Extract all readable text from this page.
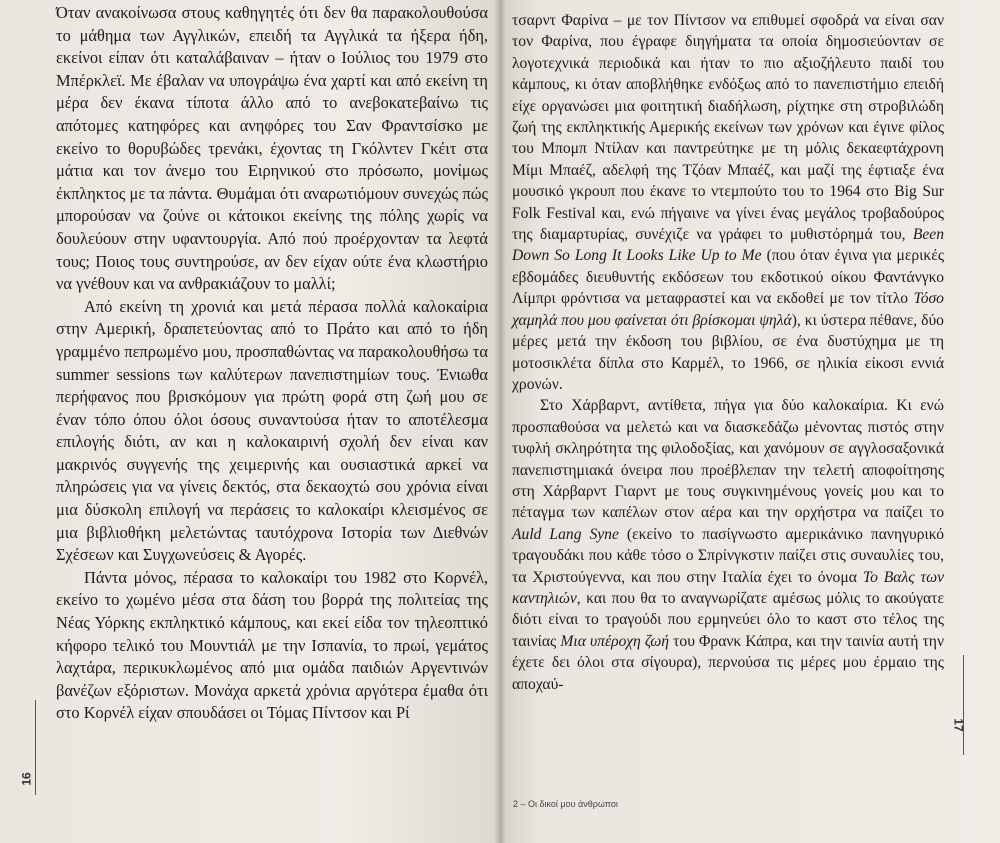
Όταν ανακοίνωσα στους καθηγητές ότι δεν θα παρακολουθούσα το μάθημα των Αγγλικών, επειδή τα Αγγλικά τα ήξερα ήδη, εκείνοι είπαν ότι καταλάβαιναν – ήταν ο Ιούλιος του 1979 στο Μπέρκλεϊ. Με έβαλαν να υπογράψω ένα χαρτί και από εκείνη τη μέρα δεν έκανα τίποτα άλλο από το ανεβοκατεβαίνω τις απότομες κατηφόρες και ανηφόρες του Σαν Φραντσίσκο με εκείνο το θορυβώδες τρενάκι, έχοντας τη Γκόλντεν Γκέιτ στα μάτια και τον άνεμο του Ειρηνικού στο πρόσωπο, μονίμως έκπληκτος με τα πάντα. Θυμάμαι ότι αναρωτιόμουν συνεχώς πώς μπορούσαν να ζούνε οι κάτοικοι εκείνης της πόλης χωρίς να δουλεύουν στην υφαντουργία. Από πού προέρχονταν τα λεφτά τους; Ποιος τους συντηρούσε, αν δεν είχαν ούτε ένα κλωστήριο να γνέθουν και να ανθρακιάζουν το μαλλί;

Από εκείνη τη χρονιά και μετά πέρασα πολλά καλοκαίρια στην Αμερική, δραπετεύοντας από το Πράτο και από το ήδη γραμμένο πεπρωμένο μου, προσπαθώντας να παρακολουθήσω τα summer sessions των καλύτερων πανεπιστημίων τους. Ένιωθα περήφανος που βρισκόμουν για πρώτη φορά στη ζωή μου σε έναν τόπο όπου όλοι όσους συναντούσα ήταν το αποτέλεσμα επιλογής διότι, αν και η καλοκαιρινή σχολή δεν είναι καν μακρινός συγγενής της χειμερινής και ουσιαστικά αρκεί να πληρώσεις για να γίνεις δεκτός, στα δεκαοχτώ σου χρόνια είναι μια δύσκολη επιλογή να περάσεις το καλοκαίρι κλεισμένος σε μια βιβλιοθήκη μελετώντας ταυτόχρονα Ιστορία των Διεθνών Σχέσεων και Συγχωνεύσεις & Αγορές.

Πάντα μόνος, πέρασα το καλοκαίρι του 1982 στο Κορνέλ, εκείνο το χωμένο μέσα στα δάση του βορρά της πολιτείας της Νέας Υόρκης εκπληκτικό κάμπους, και εκεί είδα τον τηλεοπτικό κήφορο τελικό του Μουντιάλ με την Ισπανία, το πρωί, γεμάτος λαχτάρα, περικυκλωμένος από μια ομάδα παιδιών Αργεντινών βανέζων εξόριστων. Μονάχα αρκετά χρόνια αργότερα έμαθα ότι στο Κορνέλ είχαν σπουδάσει οι Τόμας Πίντσον και Ρί

16

τσαρντ Φαρίνα – με τον Πίντσον να επιθυμεί σφοδρά να είναι σαν τον Φαρίνα, που έγραφε διηγήματα τα οποία δημοσιεύονταν σε λογοτεχνικά περιοδικά και ήταν το πιο αξιοζήλευτο παιδί του κάμπους, κι όταν αποβλήθηκε ενδόξως από το πανεπιστήμιο επειδή είχε οργανώσει μια φοιτητική διαδήλωση, ρίχτηκε στη στροβιλώδη ζωή της εκπληκτικής Αμερικής εκείνων των χρόνων και έγινε φίλος του Μπομπ Ντίλαν και παντρεύτηκε με τη μόλις δεκαεφτάχρονη Μίμι Μπαέζ, αδελφή της Τζόαν Μπαέζ, και μαζί της έφτιαξε ένα μουσικό γκρουπ που έκανε το ντεμπούτο του το 1964 στο Big Sur Folk Festival και, ενώ πήγαινε να γίνει ένας μεγάλος τροβαδούρος της διαμαρτυρίας, συνέχιζε να γράφει το μυθιστόρημά του, Been Down So Long It Looks Like Up to Me (που όταν έγινα για μερικές εβδομάδες διευθυντής εκδόσεων του εκδοτικού οίκου Φαντάνγκο Λίμπρι φρόντισα να μεταφραστεί και να εκδοθεί με τον τίτλο Τόσο χαμηλά που μου φαίνεται ότι βρίσκομαι ψηλά), κι ύστερα πέθανε, δύο μέρες μετά την έκδοση του βιβλίου, σε ένα δυστύχημα με τη μοτοσικλέτα δίπλα στο Καρμέλ, το 1966, σε ηλικία είκοσι εννιά χρονών.

Στο Χάρβαρντ, αντίθετα, πήγα για δύο καλοκαίρια. Κι ενώ προσπαθούσα να μελετώ και να διασκεδάζω μένοντας πιστός στην τυφλή σκληρότητα της φιλοδοξίας, και χανόμουν σε αγγλοσαξονικά πανεπιστημιακά όνειρα που προέβλεπαν την τελετή αποφοίτησης στη Χάρβαρντ Γιαρντ με τους συγκινημένους γονείς μου και το πέταγμα των καπέλων στον αέρα και την ορχήστρα να παίζει το Auld Lang Syne (εκείνο το πασίγνωστο αμερικάνικο πανηγυρικό τραγουδάκι που κάθε τόσο ο Σπρίνγκστιν παίζει στις συναυλίες του, τα Χριστούγεννα, και που στην Ιταλία έχει το όνομα Το Βαλς των καντηλιών, και που θα το αναγνωρίζατε αμέσως μόλις το ακούγατε διότι είναι το τραγούδι που ερμηνεύει όλο το καστ στο τέλος της ταινίας Μια υπέροχη ζωή του Φρανκ Κάπρα, και την ταινία αυτή την έχετε δει όλοι στα σίγουρα), περνούσα τις μέρες μου έρμαιο της αποχαύ-

2 – Οι δικοί μου άνθρωποι
17
